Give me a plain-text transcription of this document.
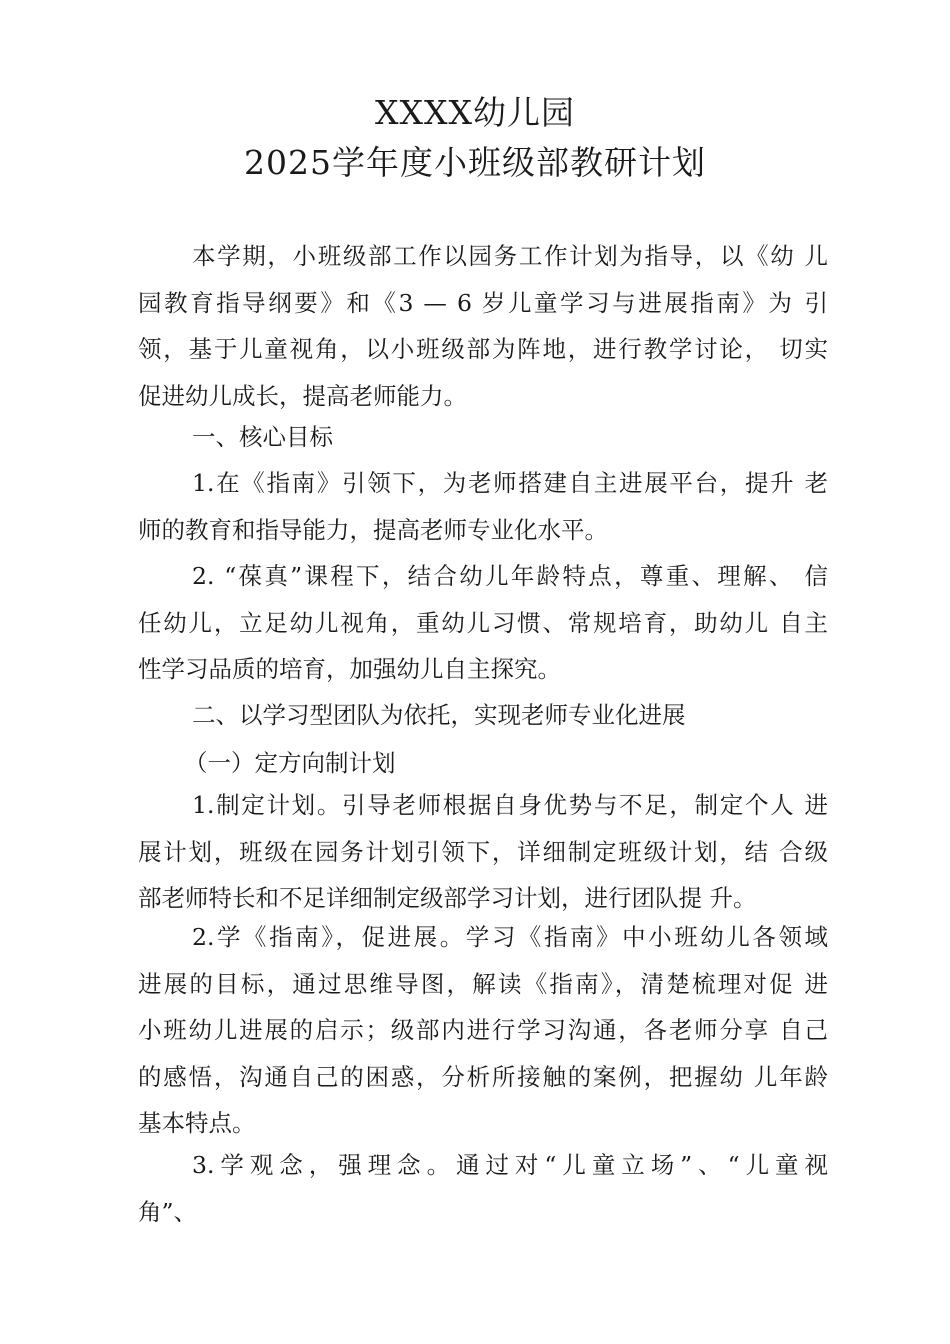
XXXX幼儿园
2025学年度小班级部教研计划
本学期，小班级部工作以园务工作计划为指导，以《幼 儿
园教育指导纲要》和《3 — 6 岁儿童学习与进展指南》为 引
领，基于儿童视角，以小班级部为阵地，进行教学讨论， 切实
促进幼儿成长，提高老师能力。
一、核心目标
1.在《指南》引领下，为老师搭建自主进展平台，提升 老
师的教育和指导能力，提高老师专业化水平。
2. “葆真”课程下，结合幼儿年龄特点，尊重、理解、 信
任幼儿，立足幼儿视角，重幼儿习惯、常规培育，助幼儿 自主
性学习品质的培育，加强幼儿自主探究。
二、以学习型团队为依托，实现老师专业化进展
（一）定方向制计划
1.制定计划。引导老师根据自身优势与不足，制定个人 进
展计划，班级在园务计划引领下，详细制定班级计划，结 合级
部老师特长和不足详细制定级部学习计划，进行团队提 升。
2.学《指南》，促进展。学习《指南》中小班幼儿各领域
进展的目标，通过思维导图，解读《指南》，清楚梳理对促 进
小班幼儿进展的启示；级部内进行学习沟通，各老师分享 自己
的感悟，沟通自己的困惑，分析所接触的案例，把握幼 儿年龄
基本特点。
3.学观念，强理念。通过对“儿童立场”、“儿童视
角”、
